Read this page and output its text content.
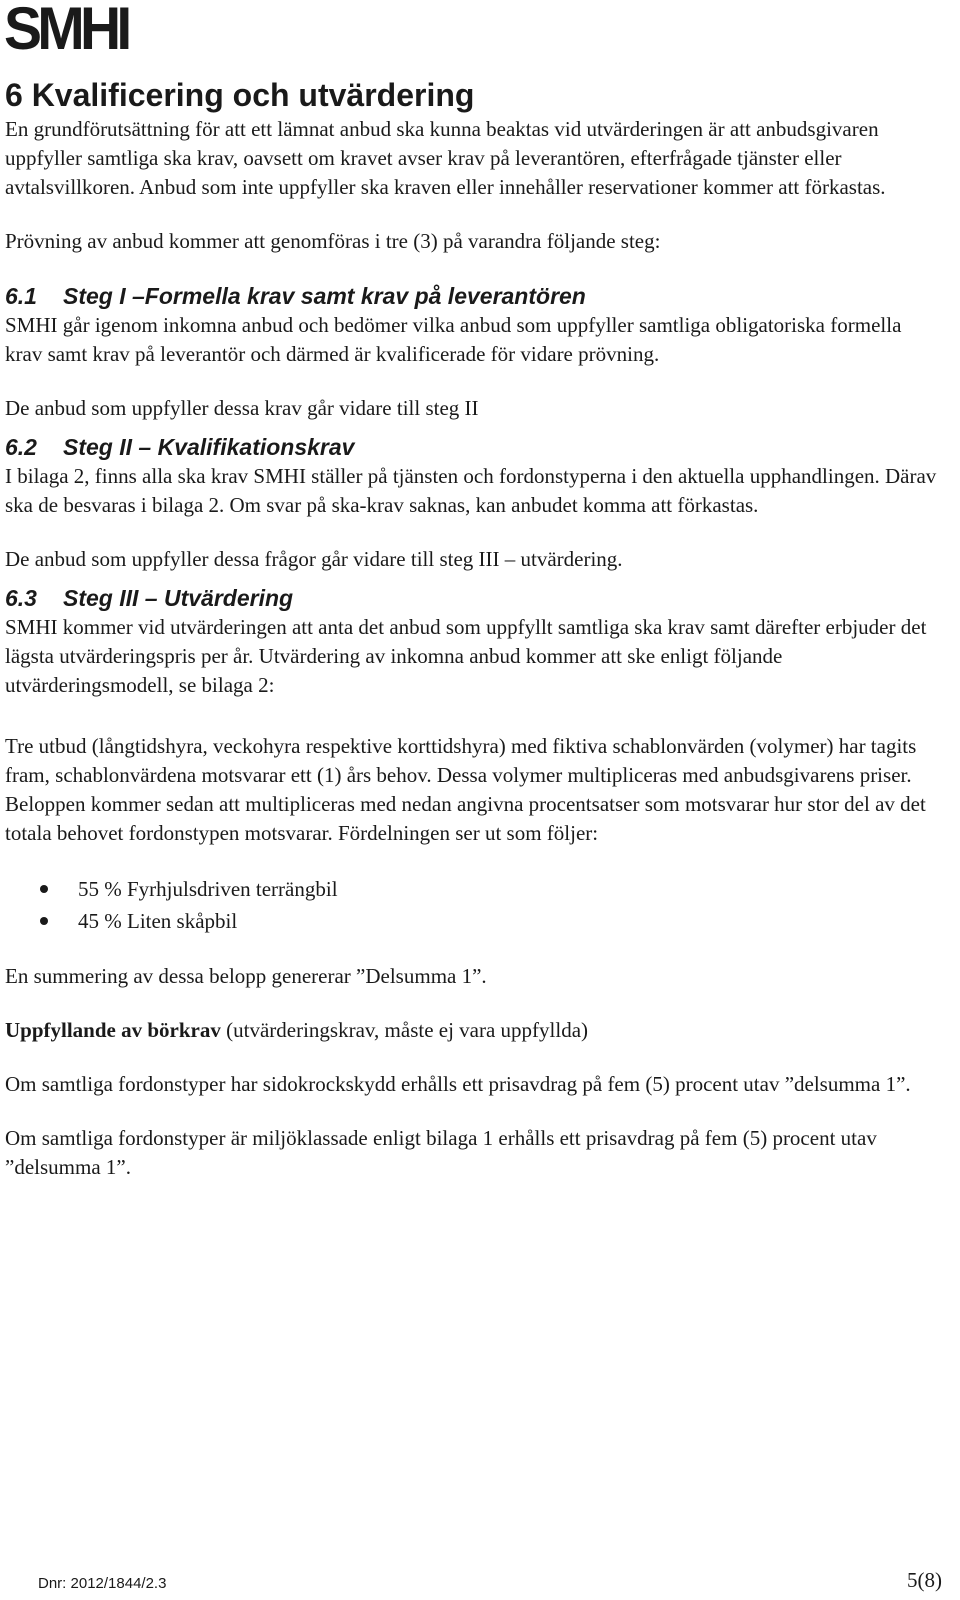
SMHI
6 Kvalificering och utvärdering

En grundförutsättning för att ett lämnat anbud ska kunna beaktas vid utvärderingen är att anbudsgivaren uppfyller samtliga ska krav, oavsett om kravet avser krav på leverantören, efterfrågade tjänster eller avtalsvillkoren. Anbud som inte uppfyller ska kraven eller innehåller reservationer kommer att förkastas.

Prövning av anbud kommer att genomföras i tre (3) på varandra följande steg:

6.1 Steg I –Formella krav samt krav på leverantören

SMHI går igenom inkomna anbud och bedömer vilka anbud som uppfyller samtliga obligatoriska formella krav samt krav på leverantör och därmed är kvalificerade för vidare prövning.

De anbud som uppfyller dessa krav går vidare till steg II

6.2 Steg II – Kvalifikationskrav

I bilaga 2, finns alla ska krav SMHI ställer på tjänsten och fordonstyperna i den aktuella upphandlingen. Därav ska de besvaras i bilaga 2. Om svar på ska-krav saknas, kan anbudet komma att förkastas.

De anbud som uppfyller dessa frågor går vidare till steg III – utvärdering.

6.3 Steg III – Utvärdering

SMHI kommer vid utvärderingen att anta det anbud som uppfyllt samtliga ska krav samt därefter erbjuder det lägsta utvärderingspris per år. Utvärdering av inkomna anbud kommer att ske enligt följande utvärderingsmodell, se bilaga 2:

Tre utbud (långtidshyra, veckohyra respektive korttidshyra) med fiktiva schablonvärden (volymer) har tagits fram, schablonvärdena motsvarar ett (1) års behov. Dessa volymer multipliceras med anbudsgivarens priser. Beloppen kommer sedan att multipliceras med nedan angivna procentsatser som motsvarar hur stor del av det totala behovet fordonstypen motsvarar. Fördelningen ser ut som följer:

55 % Fyrhjulsdriven terrängbil
45 % Liten skåpbil

En summering av dessa belopp genererar ”Delsumma 1”.

Uppfyllande av börkrav (utvärderingskrav, måste ej vara uppfyllda)

Om samtliga fordonstyper har sidokrockskydd erhålls ett prisavdrag på fem (5) procent utav ”delsumma 1”.

Om samtliga fordonstyper är miljöklassade enligt bilaga 1 erhålls ett prisavdrag på fem (5) procent utav ”delsumma 1”.

Dnr: 2012/1844/2.3	5(8)
